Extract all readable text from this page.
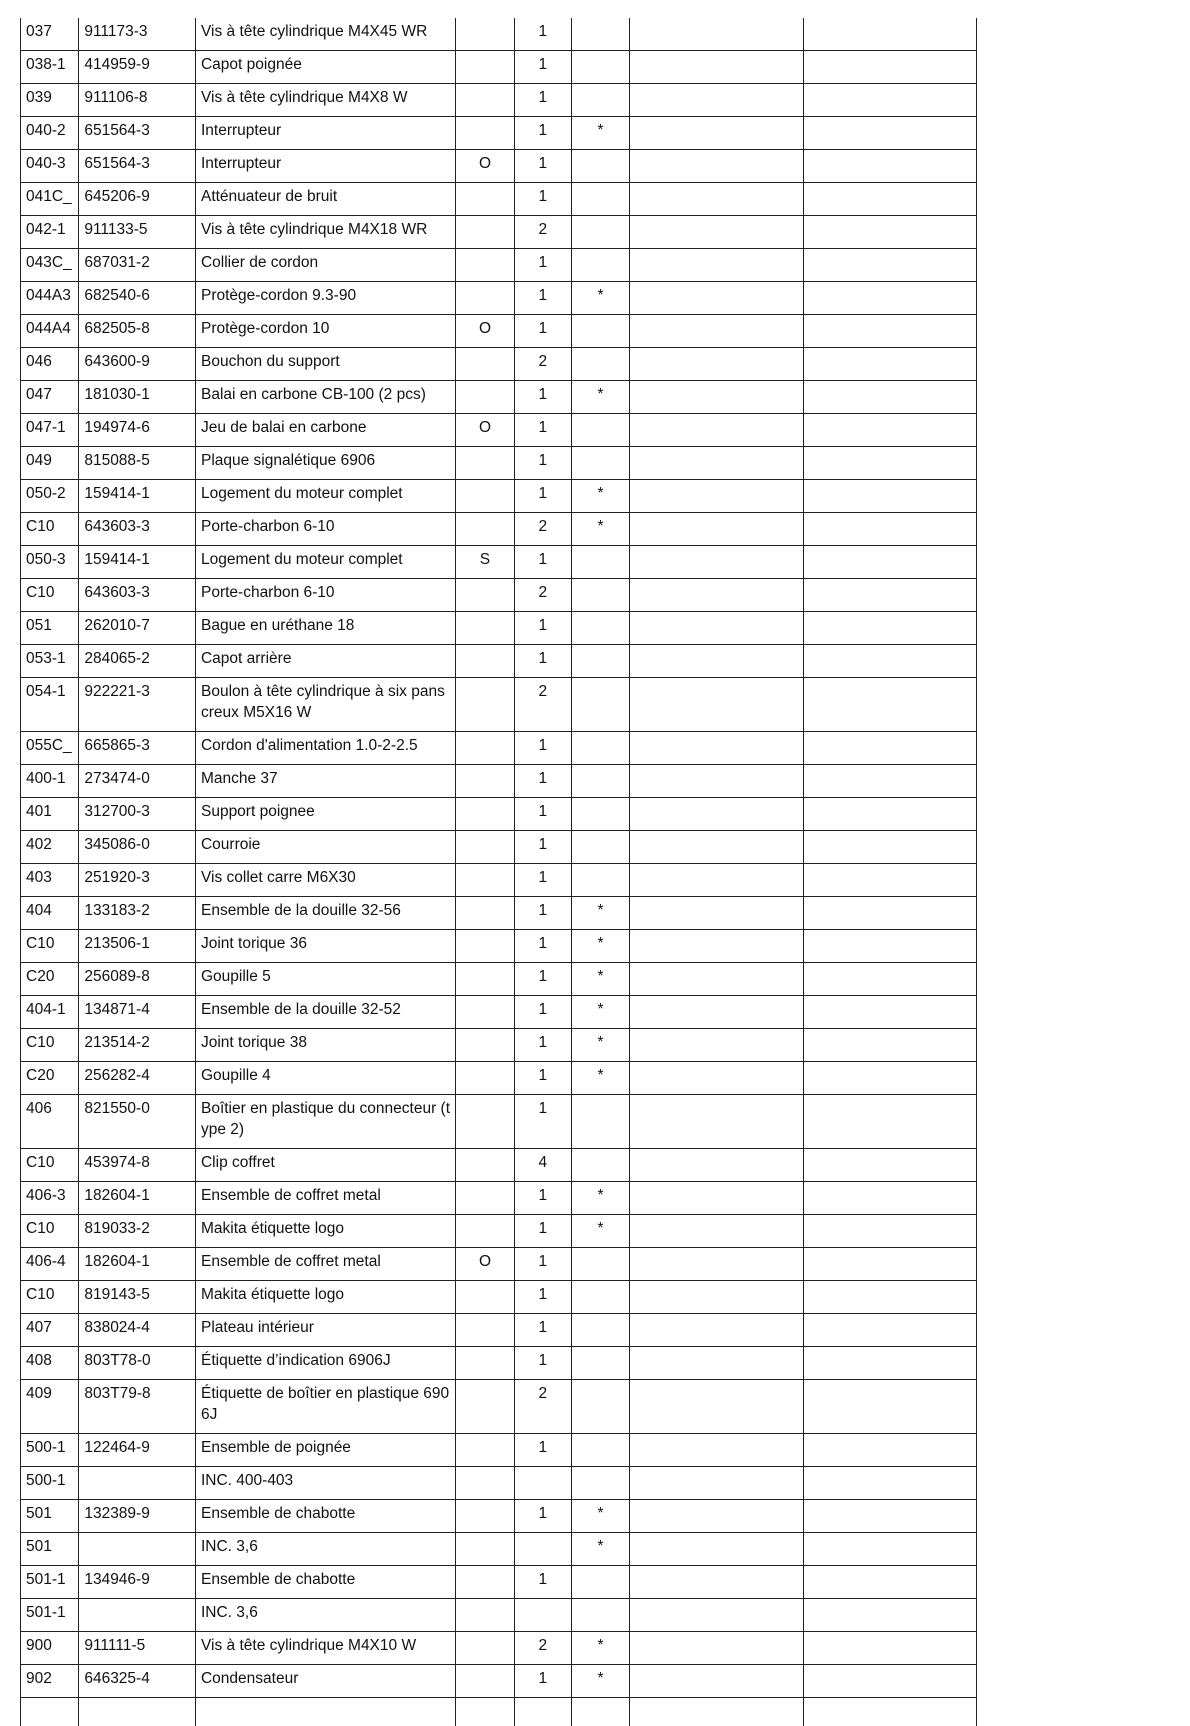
037	911173-3	Vis à tête cylindrique M4X45 WR		1			
038-1	414959-9	Capot poignée		1			
039	911106-8	Vis à tête cylindrique M4X8 W		1			
040-2	651564-3	Interrupteur		1	*		
040-3	651564-3	Interrupteur	O	1			
041C_	645206-9	Atténuateur de bruit		1			
042-1	911133-5	Vis à tête cylindrique M4X18 WR		2			
043C_	687031-2	Collier de cordon		1			
044A3	682540-6	Protège-cordon 9.3-90		1	*		
044A4	682505-8	Protège-cordon 10	O	1			
046	643600-9	Bouchon du support		2			
047	181030-1	Balai en carbone CB-100 (2 pcs)		1	*		
047-1	194974-6	Jeu de balai en carbone	O	1			
049	815088-5	Plaque signalétique 6906		1			
050-2	159414-1	Logement du moteur complet		1	*		
C10	643603-3	Porte-charbon 6-10		2	*		
050-3	159414-1	Logement du moteur complet	S	1			
C10	643603-3	Porte-charbon 6-10		2			
051	262010-7	Bague en uréthane 18		1			
053-1	284065-2	Capot arrière		1			
054-1	922221-3	Boulon à tête cylindrique à six pans creux M5X16 W		2			
055C_	665865-3	Cordon d'alimentation 1.0-2-2.5		1			
400-1	273474-0	Manche 37		1			
401	312700-3	Support poignee		1			
402	345086-0	Courroie		1			
403	251920-3	Vis collet carre M6X30		1			
404	133183-2	Ensemble de la douille 32-56		1	*		
C10	213506-1	Joint torique 36		1	*		
C20	256089-8	Goupille 5		1	*		
404-1	134871-4	Ensemble de la douille 32-52		1	*		
C10	213514-2	Joint torique 38		1	*		
C20	256282-4	Goupille 4		1	*		
406	821550-0	Boîtier en plastique du connecteur (type 2)		1			
C10	453974-8	Clip coffret		4			
406-3	182604-1	Ensemble de coffret metal		1	*		
C10	819033-2	Makita étiquette logo		1	*		
406-4	182604-1	Ensemble de coffret metal	O	1			
C10	819143-5	Makita étiquette logo		1			
407	838024-4	Plateau intérieur		1			
408	803T78-0	Étiquette d’indication 6906J		1			
409	803T79-8	Étiquette de boîtier en plastique 6906J		2			
500-1	122464-9	Ensemble de poignée		1			
500-1		INC. 400-403					
501	132389-9	Ensemble de chabotte		1	*		
501		INC. 3,6			*		
501-1	134946-9	Ensemble de chabotte		1			
501-1		INC. 3,6					
900	911111-5	Vis à tête cylindrique M4X10 W		2	*		
902	646325-4	Condensateur		1	*		
